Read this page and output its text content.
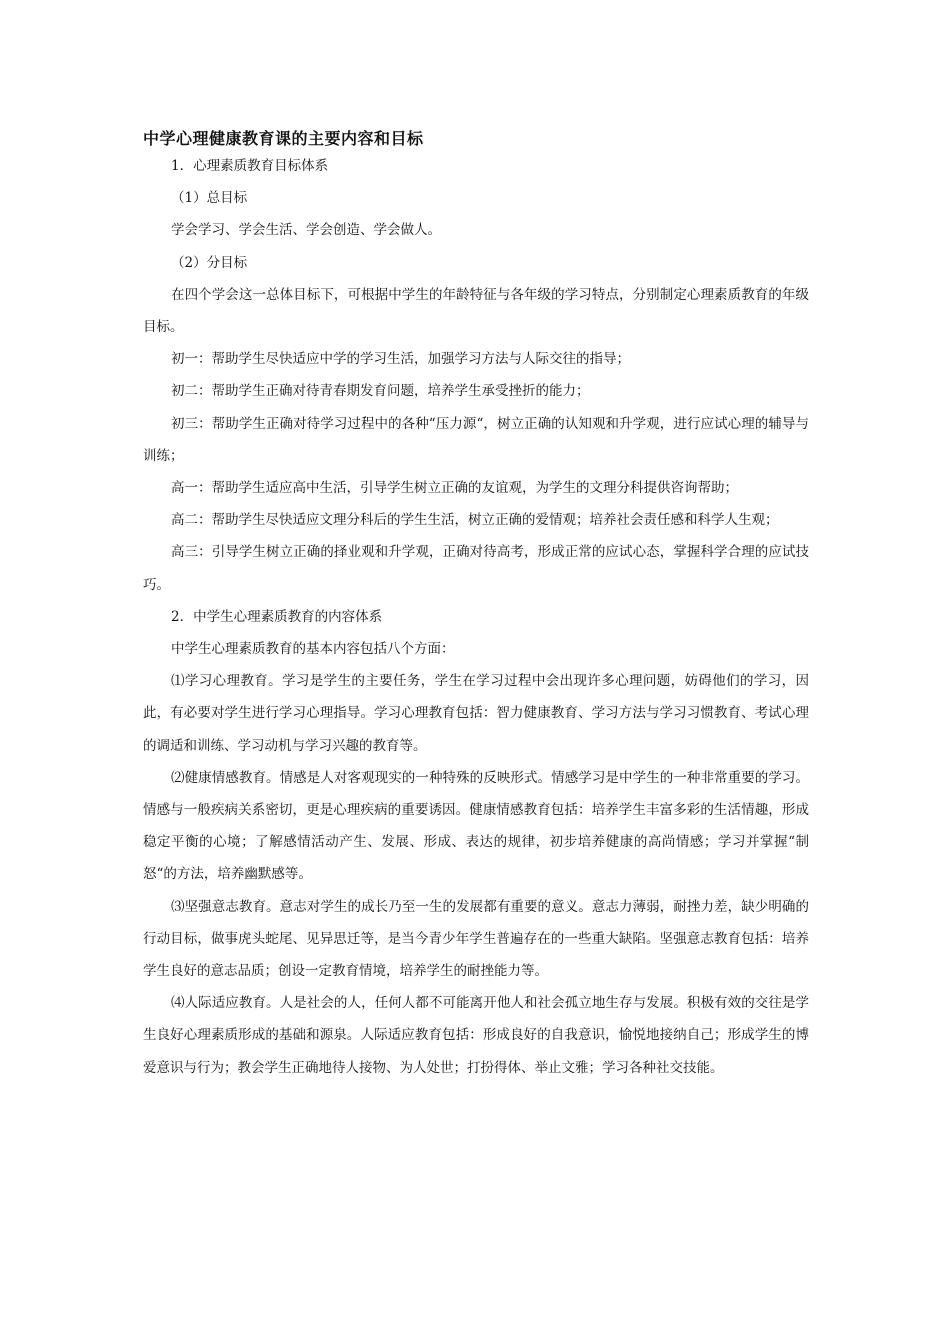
中学心理健康教育课的主要内容和目标

1．心理素质教育目标体系

（1）总目标

学会学习、学会生活、学会创造、学会做人。

（2）分目标

在四个学会这一总体目标下，可根据中学生的年龄特征与各年级的学习特点，分别制定心理素质教育的年级目标。

初一：帮助学生尽快适应中学的学习生活，加强学习方法与人际交往的指导；

初二：帮助学生正确对待青春期发育问题，培养学生承受挫折的能力；

初三：帮助学生正确对待学习过程中的各种“压力源“，树立正确的认知观和升学观，进行应试心理的辅导与训练；

高一：帮助学生适应高中生活，引导学生树立正确的友谊观，为学生的文理分科提供咨询帮助；

高二：帮助学生尽快适应文理分科后的学生生活，树立正确的爱情观；培养社会责任感和科学人生观；

高三：引导学生树立正确的择业观和升学观，正确对待高考，形成正常的应试心态，掌握科学合理的应试技巧。

2．中学生心理素质教育的内容体系

中学生心理素质教育的基本内容包括八个方面：

⑴学习心理教育。学习是学生的主要任务，学生在学习过程中会出现许多心理问题，妨碍他们的学习，因此，有必要对学生进行学习心理指导。学习心理教育包括：智力健康教育、学习方法与学习习惯教育、考试心理的调适和训练、学习动机与学习兴趣的教育等。

⑵健康情感教育。情感是人对客观现实的一种特殊的反映形式。情感学习是中学生的一种非常重要的学习。情感与一般疾病关系密切，更是心理疾病的重要诱因。健康情感教育包括：培养学生丰富多彩的生活情趣，形成稳定平衡的心境；了解感情活动产生、发展、形成、表达的规律，初步培养健康的高尚情感；学习并掌握“制怒“的方法，培养幽默感等。

⑶坚强意志教育。意志对学生的成长乃至一生的发展都有重要的意义。意志力薄弱，耐挫力差，缺少明确的行动目标，做事虎头蛇尾、见异思迁等，是当今青少年学生普遍存在的一些重大缺陷。坚强意志教育包括：培养学生良好的意志品质；创设一定教育情境，培养学生的耐挫能力等。

⑷人际适应教育。人是社会的人，任何人都不可能离开他人和社会孤立地生存与发展。积极有效的交往是学生良好心理素质形成的基础和源泉。人际适应教育包括：形成良好的自我意识，愉悦地接纳自己；形成学生的博爱意识与行为；教会学生正确地待人接物、为人处世；打扮得体、举止文雅；学习各种社交技能。
